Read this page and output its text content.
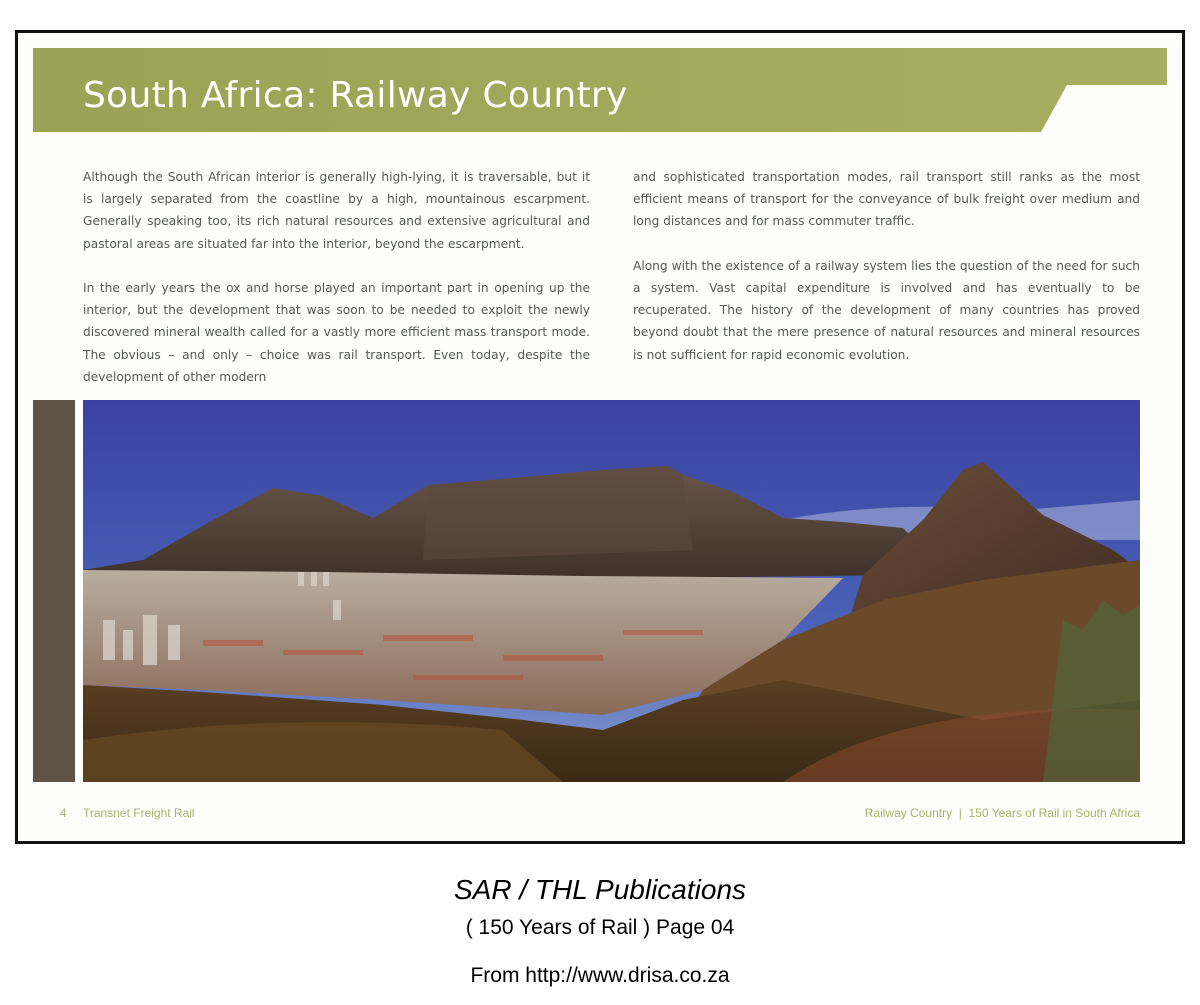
South Africa: Railway Country

Although the South African interior is generally high-lying, it is traversable, but it is largely separated from the coastline by a high, mountainous escarpment. Generally speaking too, its rich natural resources and extensive agricultural and pastoral areas are situated far into the interior, beyond the escarpment.

In the early years the ox and horse played an important part in opening up the interior, but the development that was soon to be needed to exploit the newly discovered mineral wealth called for a vastly more efficient mass transport mode. The obvious – and only – choice was rail transport. Even today, despite the development of other modern

and sophisticated transportation modes, rail transport still ranks as the most efficient means of transport for the conveyance of bulk freight over medium and long distances and for mass commuter traffic.

Along with the existence of a railway system lies the question of the need for such a system. Vast capital expenditure is involved and has eventually to be recuperated. The history of the development of many countries has proved beyond doubt that the mere presence of natural resources and mineral resources is not sufficient for rapid economic evolution.

4 Transnet Freight Rail	Railway Country  |  150 Years of Rail in South Africa
SAR / THL Publications
( 150 Years of Rail ) Page 04
From http://www.drisa.co.za
